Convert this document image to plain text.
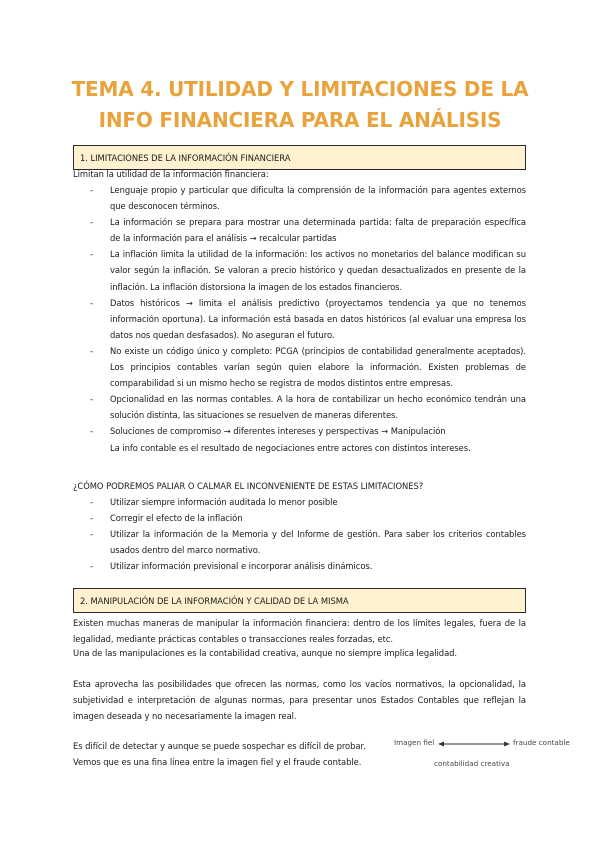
TEMA 4. UTILIDAD Y LIMITACIONES DE LA
INFO FINANCIERA PARA EL ANÁLISIS
1. LIMITACIONES DE LA INFORMACIÓN FINANCIERA

Limitan la utilidad de la información financiera:

- Lenguaje propio y particular que dificulta la comprensión de la información para agentes externos que desconocen términos.
- La información se prepara para mostrar una determinada partida: falta de preparación específica de la información para el análisis → recalcular partidas
- La inflación limita la utilidad de la información: los activos no monetarios del balance modifican su valor según la inflación. Se valoran a precio histórico y quedan desactualizados en presente de la inflación. La inflación distorsiona la imagen de los estados financieros.
- Datos históricos → limita el análisis predictivo (proyectamos tendencia ya que no tenemos información oportuna). La información está basada en datos históricos (al evaluar una empresa los datos nos quedan desfasados). No aseguran el futuro.
- No existe un código único y completo: PCGA (principios de contabilidad generalmente aceptados). Los principios contables varían según quien elabore la información. Existen problemas de comparabilidad si un mismo hecho se registra de modos distintos entre empresas.
- Opcionalidad en las normas contables. A la hora de contabilizar un hecho económico tendrán una solución distinta, las situaciones se resuelven de maneras diferentes.
- Soluciones de compromiso → diferentes intereses y perspectivas → Manipulación
La info contable es el resultado de negociaciones entre actores con distintos intereses.

¿CÓMO PODREMOS PALIAR O CALMAR EL INCONVENIENTE DE ESTAS LIMITACIONES?

- Utilizar siempre información auditada lo menor posible
- Corregir el efecto de la inflación
- Utilizar la información de la Memoria y del Informe de gestión. Para saber los criterios contables usados dentro del marco normativo.
- Utilizar información previsional e incorporar análisis dinámicos.
2. MANIPULACIÓN DE LA INFORMACIÓN Y CALIDAD DE LA MISMA

Existen muchas maneras de manipular la información financiera: dentro de los límites legales, fuera de la legalidad, mediante prácticas contables o transacciones reales forzadas, etc.

Una de las manipulaciones es la contabilidad creativa, aunque no siempre implica legalidad.

Esta aprovecha las posibilidades que ofrecen las normas, como los vacíos normativos, la opcionalidad, la subjetividad e interpretación de algunas normas, para presentar unos Estados Contables que reflejan la imagen deseada y no necesariamente la imagen real.

Es difícil de detectar y aunque se puede sospechar es difícil de probar.

Vemos que es una fina línea entre la imagen fiel y el fraude contable.

Imagen fiel	fraude contable
contabilidad creativa
